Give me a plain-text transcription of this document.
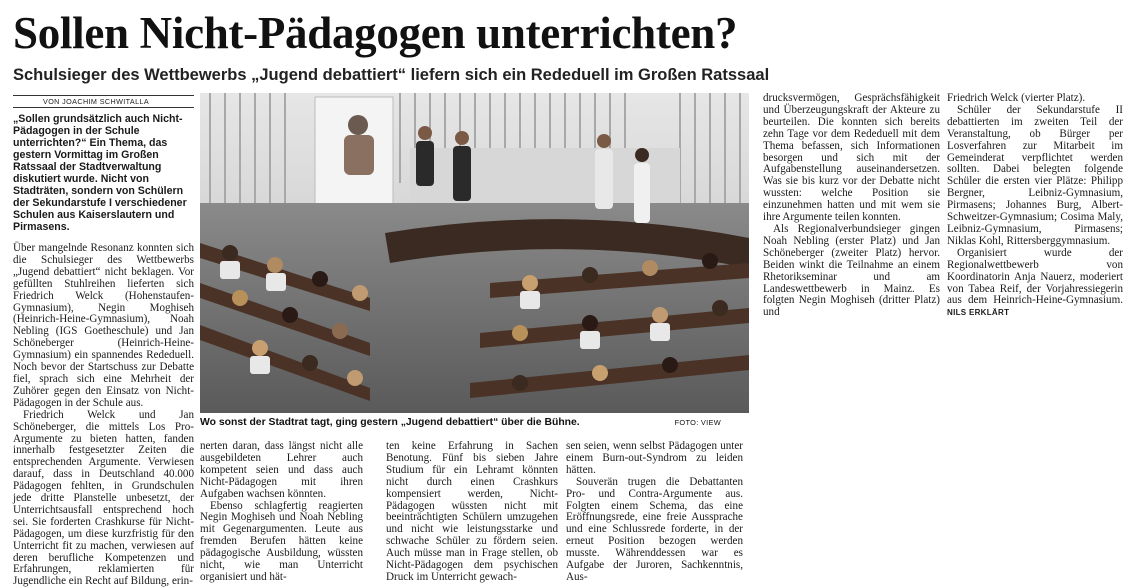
Sollen Nicht-Pädagogen unterrichten?
Schulsieger des Wettbewerbs „Jugend debattiert“ liefern sich ein Rededuell im Großen Ratssaal
VON JOACHIM SCHWITALLA
„Sollen grundsätzlich auch Nicht-Pädagogen in der Schule unterrichten?“ Ein Thema, das gestern Vormittag im Großen Ratssaal der Stadtverwaltung diskutiert wurde. Nicht von Stadträten, sondern von Schülern der Sekundarstufe I verschiedener Schulen aus Kaiserslautern und Pirmasens.

Über mangelnde Resonanz konnten sich die Schulsieger des Wettbewerbs „Jugend debattiert“ nicht beklagen. Vor gefüllten Stuhlreihen lieferten sich Friedrich Welck (Hohenstaufen-Gymnasium), Negin Moghiseh (Heinrich-Heine-Gymnasium), Noah Nebling (IGS Goetheschule) und Jan Schöneberger (Heinrich-Heine-Gymnasium) ein spannendes Rededuell. Noch bevor der Startschuss zur Debatte fiel, sprach sich eine Mehrheit der Zuhörer gegen den Einsatz von Nicht-Pädagogen in der Schule aus.

Friedrich Welck und Jan Schöneberger, die mittels Los Pro-Argumente zu bieten hatten, fanden innerhalb festgesetzter Zeiten die entsprechenden Argumente. Verwiesen darauf, dass in Deutschland 40.000 Pädagogen fehlten, in Grundschulen jede dritte Planstelle unbesetzt, der Unterrichtsausfall entsprechend hoch sei. Sie forderten Crashkurse für Nicht-Pädagogen, um diese kurzfristig für den Unterricht fit zu machen, verwiesen auf deren berufliche Kompetenzen und Erfahrungen, reklamierten für Jugendliche ein Recht auf Bildung, erin-

Wo sonst der Stadtrat tagt, ging gestern „Jugend debattiert“ über die Bühne.	FOTO: VIEW

nerten daran, dass längst nicht alle ausgebildeten Lehrer auch kompetent seien und dass auch Nicht-Pädagogen mit ihren Aufgaben wachsen könnten.

Ebenso schlagfertig reagierten Negin Moghiseh und Noah Nebling mit Gegenargumenten. Leute aus fremden Berufen hätten keine pädagogische Ausbildung, wüssten nicht, wie man Unterricht organisiert und hät-

ten keine Erfahrung in Sachen Benotung. Fünf bis sieben Jahre Studium für ein Lehramt könnten nicht durch einen Crashkurs kompensiert werden, Nicht-Pädagogen wüssten nicht mit beeinträchtigten Schülern umzugehen und nicht wie leistungsstarke und schwache Schüler zu fördern seien. Auch müsse man in Frage stellen, ob Nicht-Pädagogen dem psychischen Druck im Unterricht gewach-

sen seien, wenn selbst Pädagogen unter einem Burn-out-Syndrom zu leiden hätten.

Souverän trugen die Debattanten Pro- und Contra-Argumente aus. Folgten einem Schema, das eine Eröffnungsrede, eine freie Aussprache und eine Schlussrede forderte, in der erneut Position bezogen werden musste. Währenddessen war es Aufgabe der Juroren, Sachkenntnis, Aus-

drucksvermögen, Gesprächsfähigkeit und Überzeugungskraft der Akteure zu beurteilen. Die konnten sich bereits zehn Tage vor dem Rededuell mit dem Thema befassen, sich Informationen besorgen und sich mit der Aufgabenstellung auseinandersetzen. Was sie bis kurz vor der Debatte nicht wussten: welche Position sie einzunehmen hatten und mit wem sie ihre Argumente teilen konnten.

Als Regionalverbundsieger gingen Noah Nebling (erster Platz) und Jan Schöneberger (zweiter Platz) hervor. Beiden winkt die Teilnahme an einem Rhetorikseminar und am Landeswettbewerb in Mainz. Es folgten Negin Moghiseh (dritter Platz) und

Friedrich Welck (vierter Platz).

Schüler der Sekundarstufe II debattierten im zweiten Teil der Veranstaltung, ob Bürger per Losverfahren zur Mitarbeit im Gemeinderat verpflichtet werden sollten. Dabei belegten folgende Schüler die ersten vier Plätze: Philipp Bergner, Leibniz-Gymnasium, Pirmasens; Johannes Burg, Albert-Schweitzer-Gymnasium; Cosima Maly, Leibniz-Gymnasium, Pirmasens; Niklas Kohl, Rittersberggymnasium.

Organisiert wurde der Regionalwettbewerb von Koordinatorin Anja Nauerz, moderiert von Tabea Reif, der Vorjahressiegerin aus dem Heinrich-Heine-Gymnasium. NILS ERKLÄRT
